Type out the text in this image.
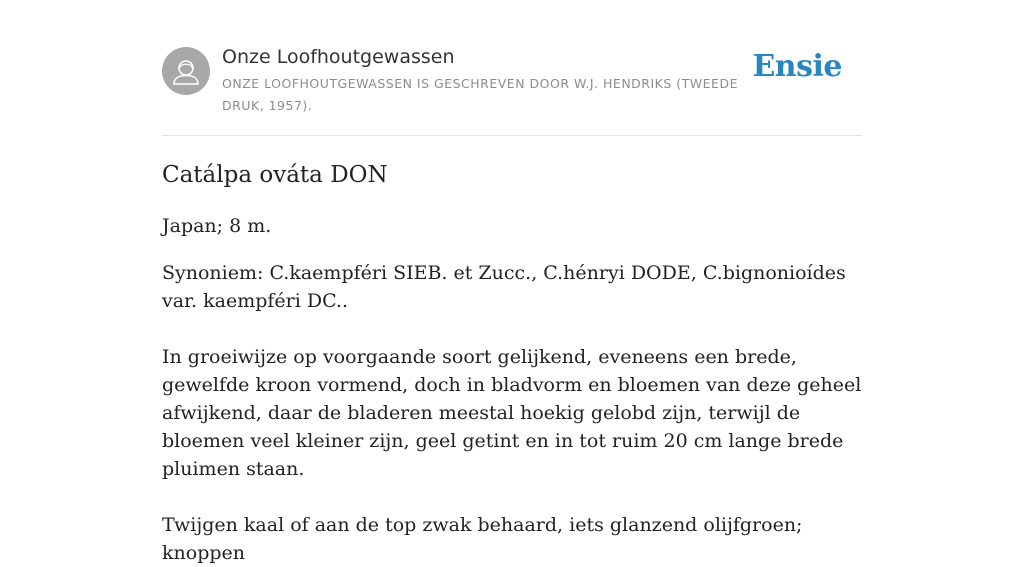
Onze Loofhoutgewassen
ONZE LOOFHOUTGEWASSEN IS GESCHREVEN DOOR W.J. HENDRIKS (TWEEDE DRUK, 1957).
Ensie
Catálpa ováta DON

Japan; 8 m.

Synoniem: C.kaempféri SIEB. et Zucc., C.hénryi DODE, C.bignonioídes var. kaempféri DC..

In groeiwijze op voorgaande soort gelijkend, eveneens een brede, gewelfde kroon vormend, doch in bladvorm en bloemen van deze geheel afwijkend, daar de bladeren meestal hoekig gelobd zijn, terwijl de bloemen veel kleiner zijn, geel getint en in tot ruim 20 cm lange brede pluimen staan.

Twijgen kaal of aan de top zwak behaard, iets glanzend olijfgroen; knoppen
